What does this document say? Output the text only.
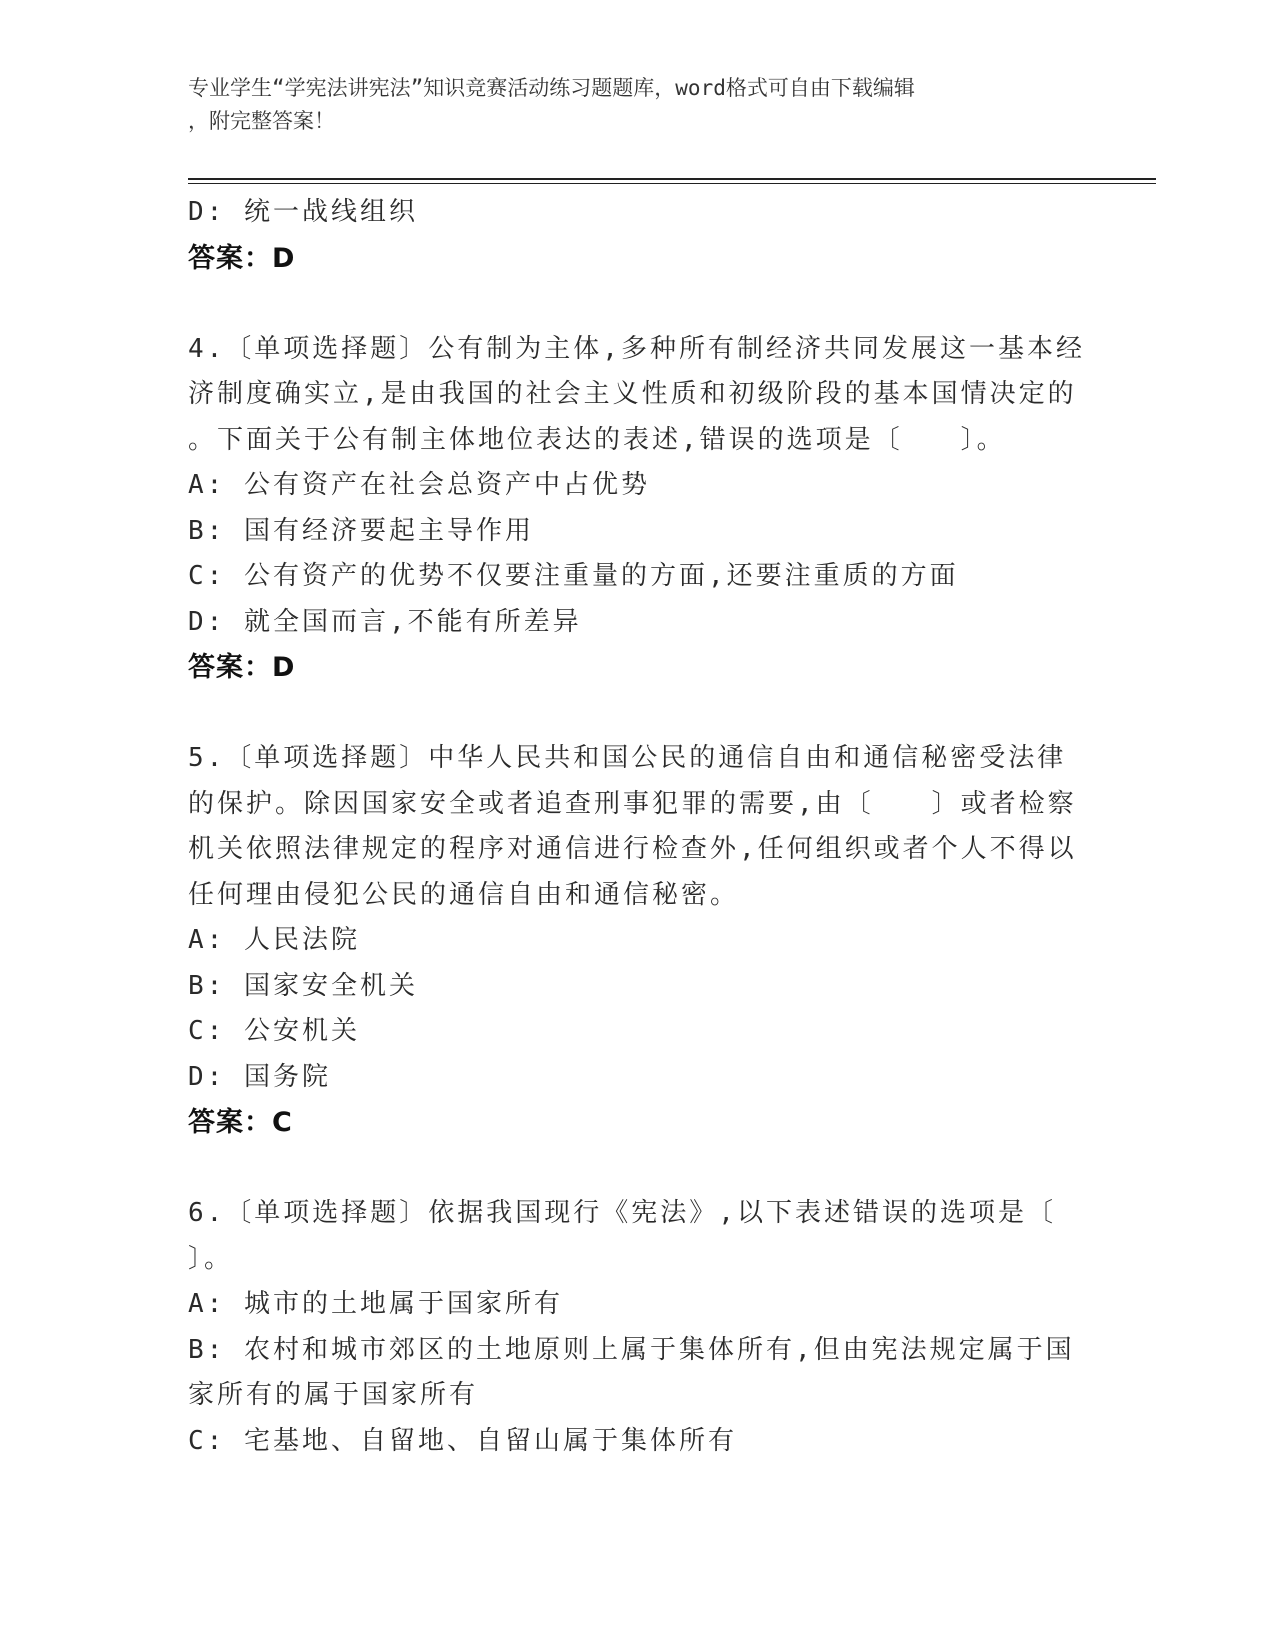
专业学生“学宪法讲宪法”知识竞赛活动练习题题库，word格式可自由下载编辑
，附完整答案！
D: 统一战线组织
答案：D
4.〔单项选择题〕公有制为主体,多种所有制经济共同发展这一基本经
济制度确实立,是由我国的社会主义性质和初级阶段的基本国情决定的
。下面关于公有制主体地位表达的表述,错误的选项是〔　　〕。
A: 公有资产在社会总资产中占优势
B: 国有经济要起主导作用
C: 公有资产的优势不仅要注重量的方面,还要注重质的方面
D: 就全国而言,不能有所差异
答案：D
5.〔单项选择题〕中华人民共和国公民的通信自由和通信秘密受法律
的保护。除因国家安全或者追查刑事犯罪的需要,由〔　　〕或者检察
机关依照法律规定的程序对通信进行检查外,任何组织或者个人不得以
任何理由侵犯公民的通信自由和通信秘密。
A: 人民法院
B: 国家安全机关
C: 公安机关
D: 国务院
答案：C
6.〔单项选择题〕依据我国现行《宪法》,以下表述错误的选项是〔
〕。
A: 城市的土地属于国家所有
B: 农村和城市郊区的土地原则上属于集体所有,但由宪法规定属于国
家所有的属于国家所有
C: 宅基地、自留地、自留山属于集体所有
